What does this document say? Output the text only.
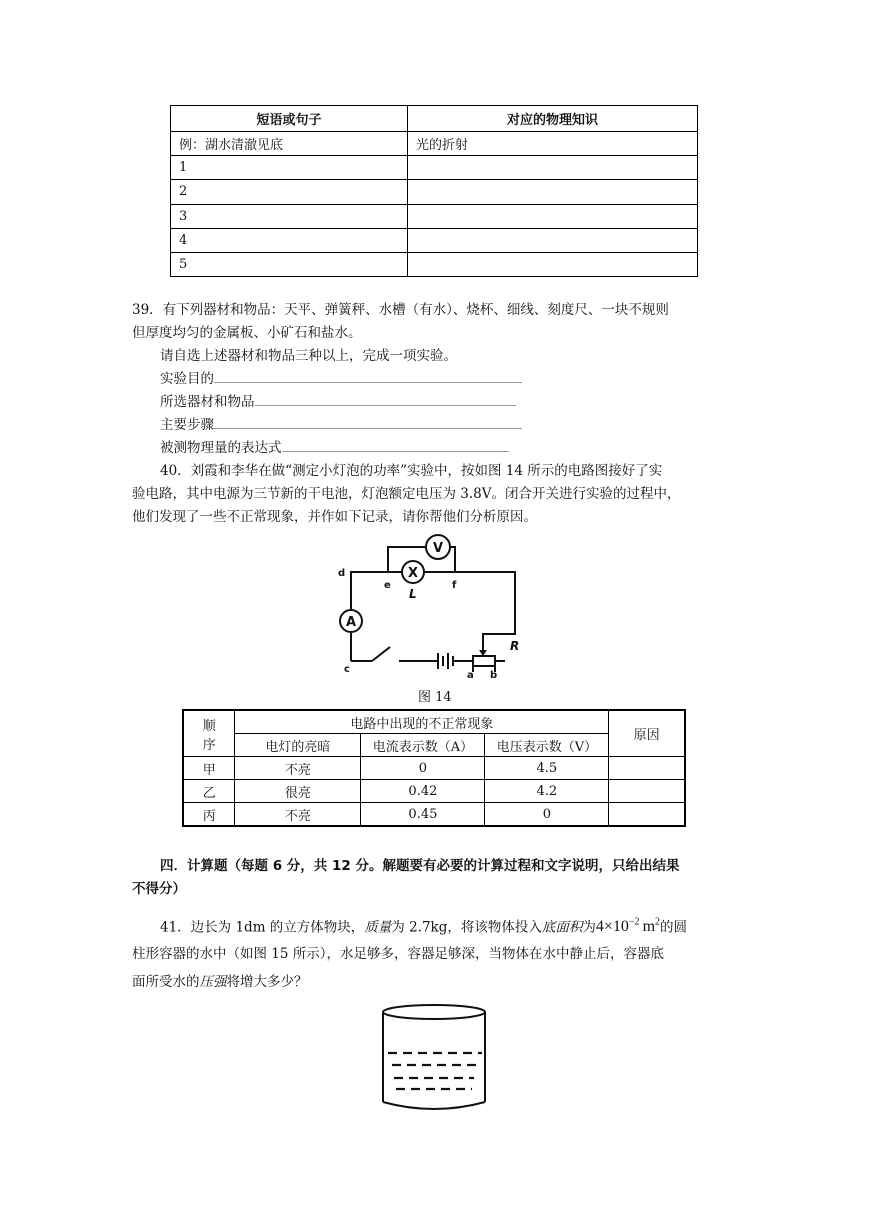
短语或句子	对应的物理知识
例：湖水清澈见底	光的折射
1	
2	
3	
4	
5	
39．有下列器材和物品：天平、弹簧秤、水槽（有水）、烧杯、细线、刻度尺、一块不规则
但厚度均匀的金属板、小矿石和盐水。
请自选上述器材和物品三种以上，完成一项实验。
实验目的
所选器材和物品
主要步骤
被测物理量的表达式
40．刘霞和李华在做“测定小灯泡的功率”实验中，按如图 14 所示的电路图接好了实
验电路，其中电源为三节新的干电池，灯泡额定电压为 3.8V。闭合开关进行实验的过程中，
他们发现了一些不正常现象，并作如下记录，请你帮他们分析原因。
A
V
X
d
e	f
c
a b
L
R
图 14
顺
序	电路中出现的不正常现象			原因
	电灯的亮暗	电流表示数（A）	电压表示数（V）	
甲	不亮	0	4.5	
乙	很亮	0.42	4.2	
丙	不亮	0.45	0	
四．计算题（每题 6 分，共 12 分。解题要有必要的计算过程和文字说明，只给出结果
不得分）
41．边长为 1dm 的立方体物块，质量为 2.7kg，将该物体投入底面积为$4\times 10^{-2}$ $m^2$的圆
柱形容器的水中（如图 15 所示），水足够多，容器足够深，当物体在水中静止后，容器底
面所受水的压强将增大多少？
